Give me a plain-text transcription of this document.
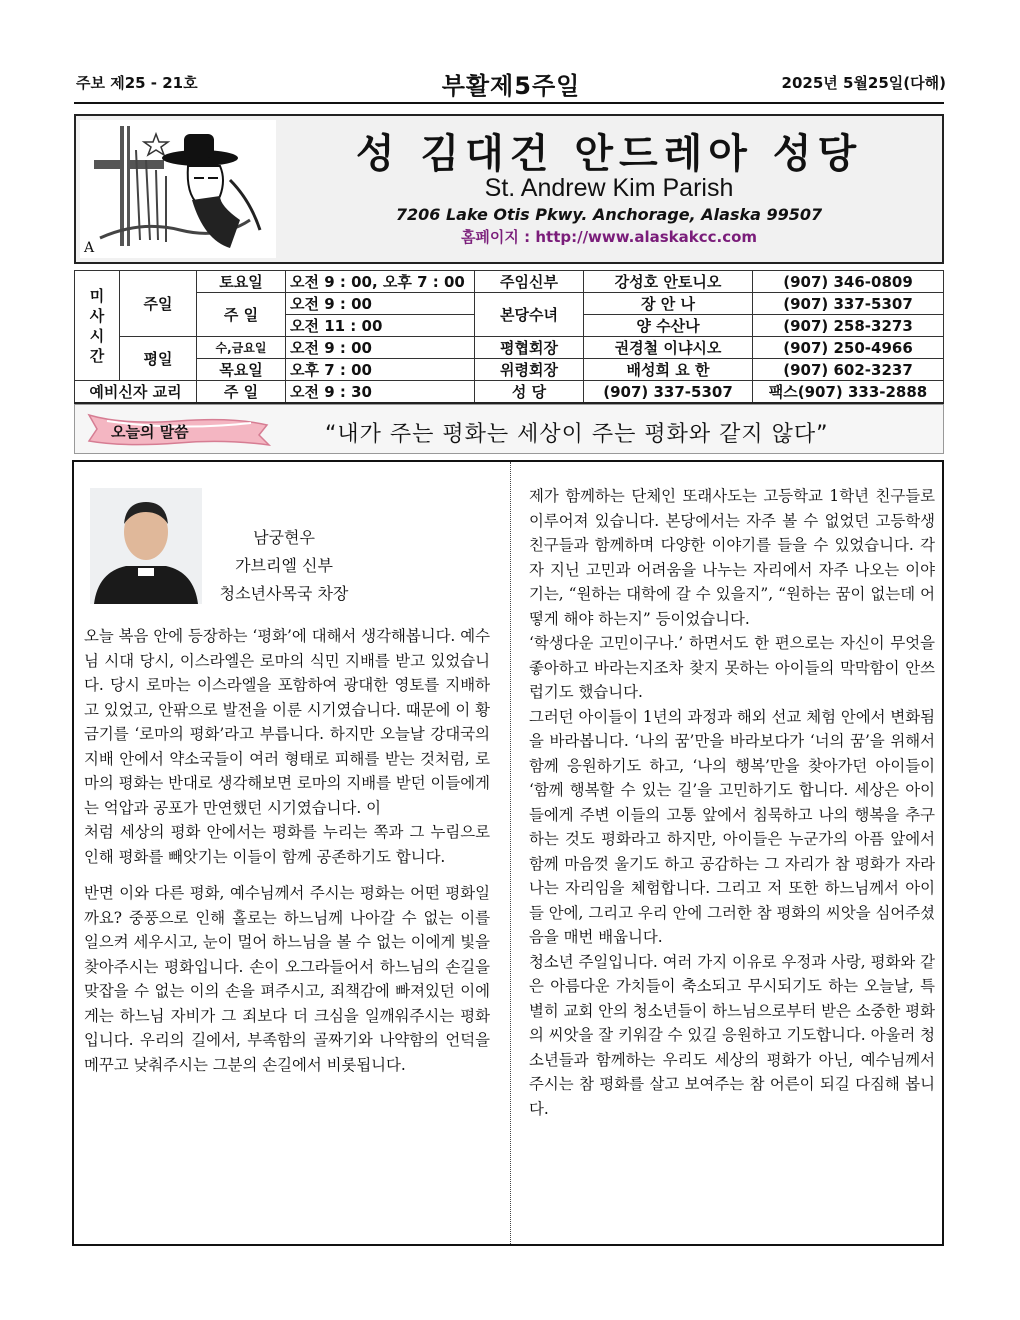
주보 제25 - 21호	부활제5주일	2025년 5월25일(다해)
A
성 김대건 안드레아 성당
St. Andrew Kim Parish
7206 Lake Otis Pkwy. Anchorage, Alaska 99507
홈페이지 : http://www.alaskakcc.com
미
사
시
간	주일	토요일	오전 9 : 00, 오후 7 : 00	주임신부	강성호 안토니오	(907) 346-0809
		주 일	오전 9 : 00	본당수녀	장 안 나	(907) 337-5307
			오전 11 : 00		양 수산나	(907) 258-3273
	평일	수,금요일	오전 9 : 00	평협회장	권경철 이냐시오	(907) 250-4966
		목요일	오후 7 : 00	위령회장	배성희 요 한	(907) 602-3237
예비신자 교리		주 일	오전 9 : 30	성 당	(907) 337-5307	팩스(907) 333-2888
오늘의 말씀	“내가 주는 평화는 세상이 주는 평화와 같지 않다”
남궁현우
가브리엘 신부
청소년사목국 차장

오늘 복음 안에 등장하는 ‘평화’에 대해서 생각해봅니다. 예수님 시대 당시, 이스라엘은 로마의 식민 지배를 받고 있었습니다. 당시 로마는 이스라엘을 포함하여 광대한 영토를 지배하고 있었고, 안팎으로 발전을 이룬 시기였습니다. 때문에 이 황금기를 ‘로마의 평화’라고 부릅니다. 하지만 오늘날 강대국의 지배 안에서 약소국들이 여러 형태로 피해를 받는 것처럼, 로마의 평화는 반대로 생각해보면 로마의 지배를 받던 이들에게는 억압과 공포가 만연했던 시기였습니다. 이

처럼 세상의 평화 안에서는 평화를 누리는 쪽과 그 누림으로 인해 평화를 빼앗기는 이들이 함께 공존하기도 합니다.

반면 이와 다른 평화, 예수님께서 주시는 평화는 어떤 평화일까요? 중풍으로 인해 홀로는 하느님께 나아갈 수 없는 이를 일으켜 세우시고, 눈이 멀어 하느님을 볼 수 없는 이에게 빛을 찾아주시는 평화입니다. 손이 오그라들어서 하느님의 손길을 맞잡을 수 없는 이의 손을 펴주시고, 죄책감에 빠져있던 이에게는 하느님 자비가 그 죄보다 더 크심을 일깨워주시는 평화입니다. 우리의 길에서, 부족함의 골짜기와 나약함의 언덕을 메꾸고 낮춰주시는 그분의 손길에서 비롯됩니다.

제가 함께하는 단체인 또래사도는 고등학교 1학년 친구들로 이루어져 있습니다. 본당에서는 자주 볼 수 없었던 고등학생 친구들과 함께하며 다양한 이야기를 들을 수 있었습니다. 각자 지닌 고민과 어려움을 나누는 자리에서 자주 나오는 이야기는, “원하는 대학에 갈 수 있을지”, “원하는 꿈이 없는데 어떻게 해야 하는지” 등이었습니다.

‘학생다운 고민이구나.’ 하면서도 한 편으로는 자신이 무엇을 좋아하고 바라는지조차 찾지 못하는 아이들의 막막함이 안쓰럽기도 했습니다.

그러던 아이들이 1년의 과정과 해외 선교 체험 안에서 변화됨을 바라봅니다. ‘나의 꿈’만을 바라보다가 ‘너의 꿈’을 위해서 함께 응원하기도 하고, ‘나의 행복’만을 찾아가던 아이들이 ‘함께 행복할 수 있는 길’을 고민하기도 합니다. 세상은 아이들에게 주변 이들의 고통 앞에서 침묵하고 나의 행복을 추구하는 것도 평화라고 하지만, 아이들은 누군가의 아픔 앞에서 함께 마음껏 울기도 하고 공감하는 그 자리가 참 평화가 자라나는 자리임을 체험합니다. 그리고 저 또한 하느님께서 아이들 안에, 그리고 우리 안에 그러한 참 평화의 씨앗을 심어주셨음을 매번 배웁니다.

청소년 주일입니다. 여러 가지 이유로 우정과 사랑, 평화와 같은 아름다운 가치들이 축소되고 무시되기도 하는 오늘날, 특별히 교회 안의 청소년들이 하느님으로부터 받은 소중한 평화의 씨앗을 잘 키워갈 수 있길 응원하고 기도합니다. 아울러 청소년들과 함께하는 우리도 세상의 평화가 아닌, 예수님께서 주시는 참 평화를 살고 보여주는 참 어른이 되길 다짐해 봅니다.
